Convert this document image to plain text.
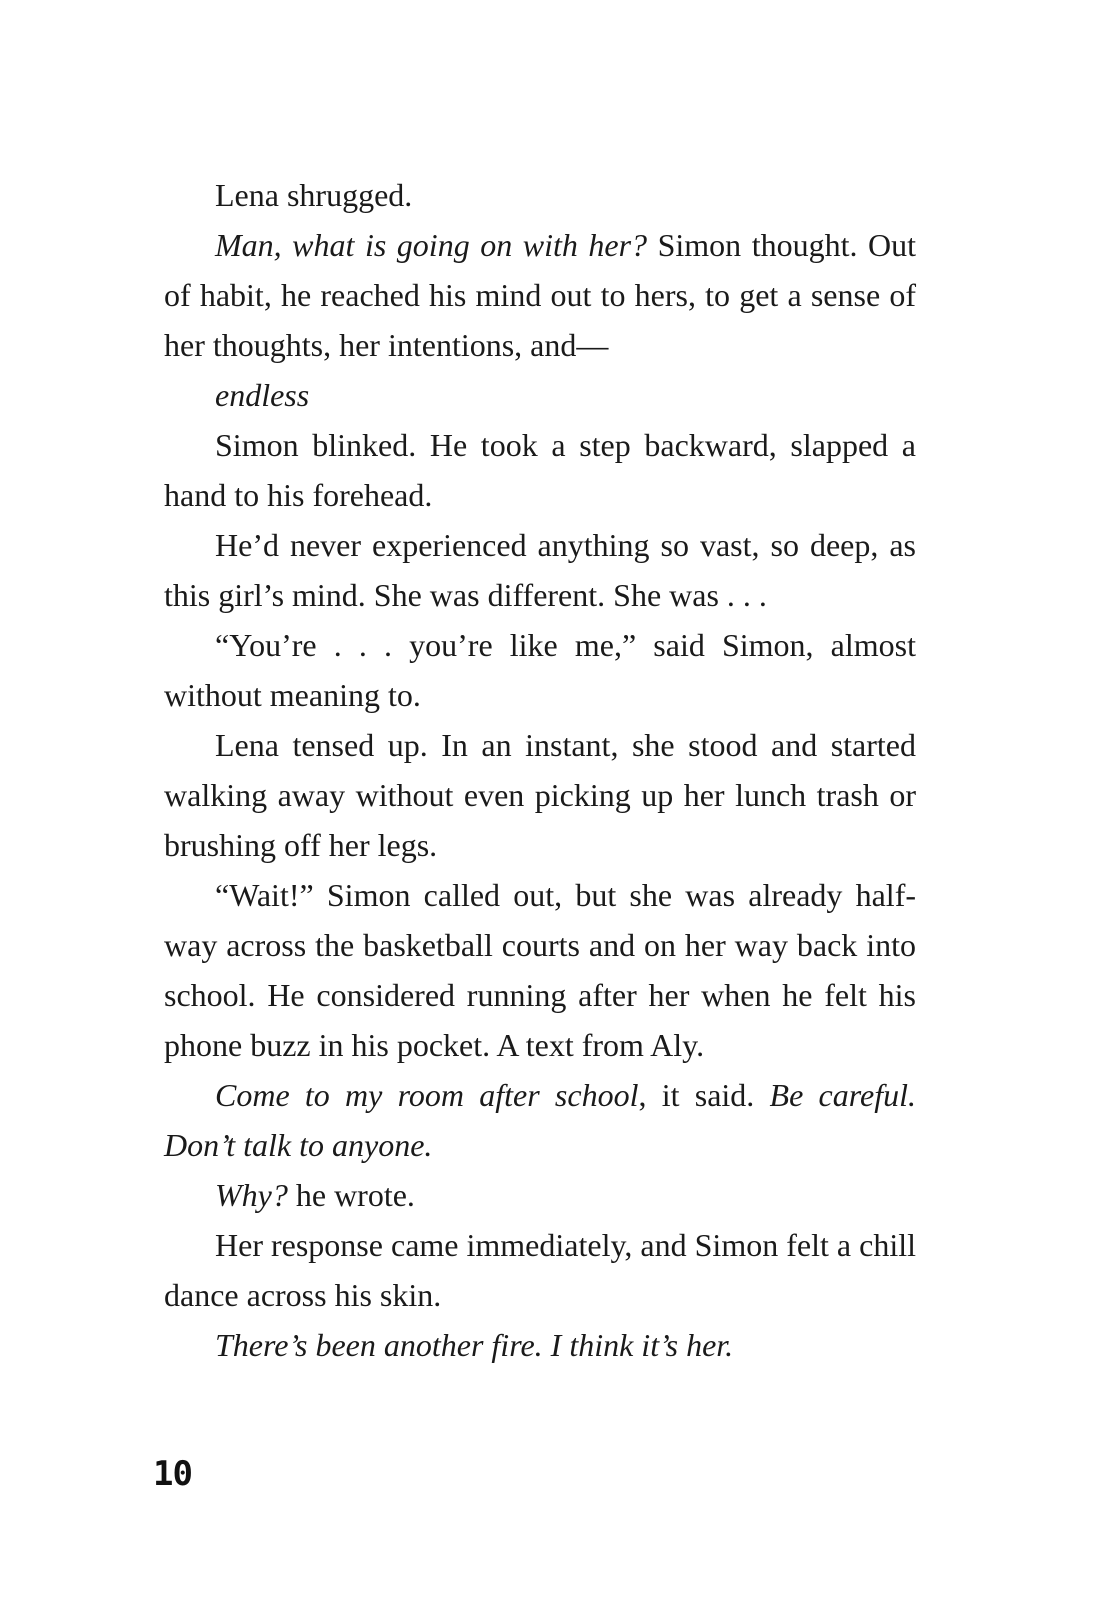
Lena shrugged.

Man, what is going on with her? Simon thought. Out of habit, he reached his mind out to hers, to get a sense of her thoughts, her intentions, and—

endless

Simon blinked. He took a step backward, slapped a hand to his forehead.

He’d never experienced anything so vast, so deep, as this girl’s mind. She was different. She was . . .

“You’re . . . you’re like me,” said Simon, almost without meaning to.

Lena tensed up. In an instant, she stood and started walking away without even picking up her lunch trash or brushing off her legs.

“Wait!” Simon called out, but she was already half-way across the basketball courts and on her way back into school. He considered running after her when he felt his phone buzz in his pocket. A text from Aly.

Come to my room after school, it said. Be careful. Don’t talk to anyone.

Why? he wrote.

Her response came immediately, and Simon felt a chill dance across his skin.

There’s been another fire. I think it’s her.

10
